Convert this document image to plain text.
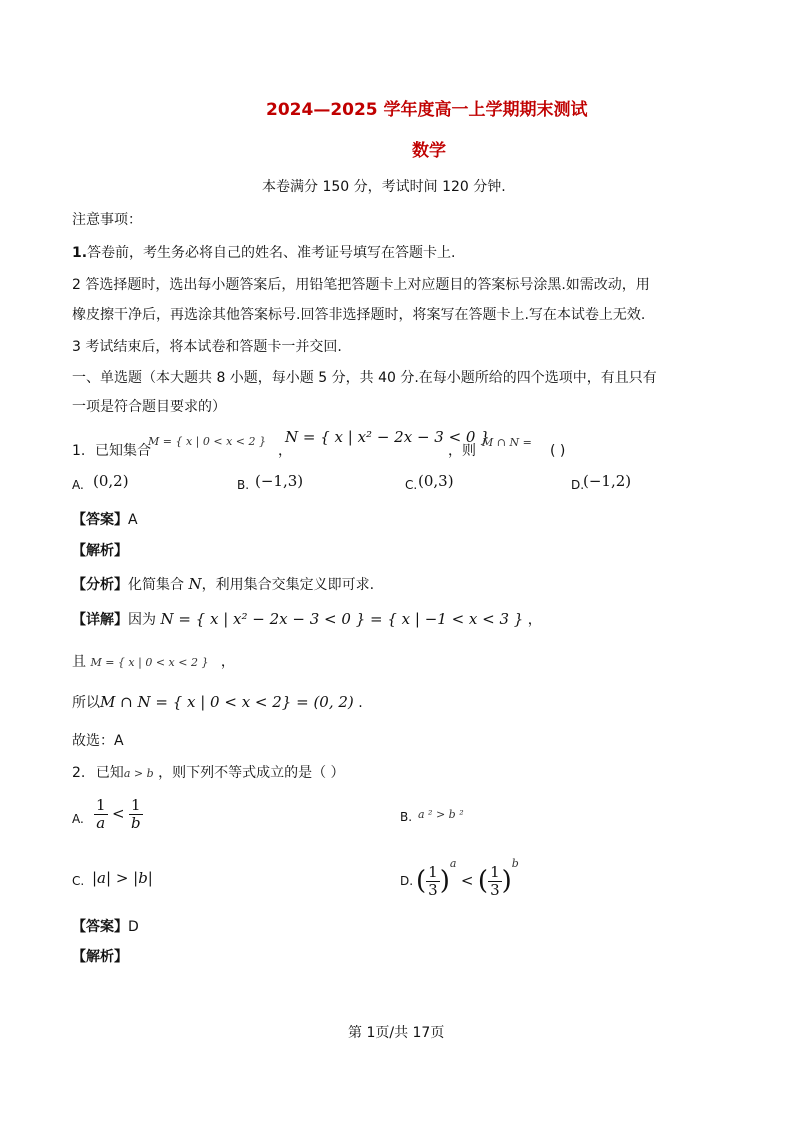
2024—2025 学年度高一上学期期末测试
数学
本卷满分 150 分，考试时间 120 分钟.
注意事项：
1.答卷前，考生务必将自己的姓名、准考证号填写在答题卡上.
2 答选择题时，选出每小题答案后，用铅笔把答题卡上对应题目的答案标号涂黑.如需改动，用
橡皮擦干净后，再选涂其他答案标号.回答非选择题时，将案写在答题卡上.写在本试卷上无效.
3 考试结束后，将本试卷和答题卡一并交回.
一、单选题（本大题共 8 小题，每小题 5 分，共 40 分.在每小题所给的四个选项中，有且只有
一项是符合题目要求的）
1. 已知集合
M = { x | 0 < x < 2 }
，
N = { x | x² − 2x − 3 < 0 }
，则
M ∩ N =
( )
A. (0,2)	B. (−1,3)	C. (0,3)	D.
(−1,2)
【答案】A
【解析】
【分析】化简集合 N，利用集合交集定义即可求.
【详解】因为 N = { x | x² − 2x − 3 < 0 } = { x | −1 < x < 3 } ，
且 M = { x | 0 < x < 2 } ，
所以M ∩ N = { x | 0 < x < 2} = (0, 2) .
故选：A
2. 已知a > b ，则下列不等式成立的是（ ）
A. $\frac{1}{a} < \frac{1}{b}$	B. a ² > b ²
C. |a| > |b|	D. ( $\frac{1}{3} )^a$ < ( $\frac{1}{3} )^b$
【答案】D
【解析】
第 1页/共 17页
